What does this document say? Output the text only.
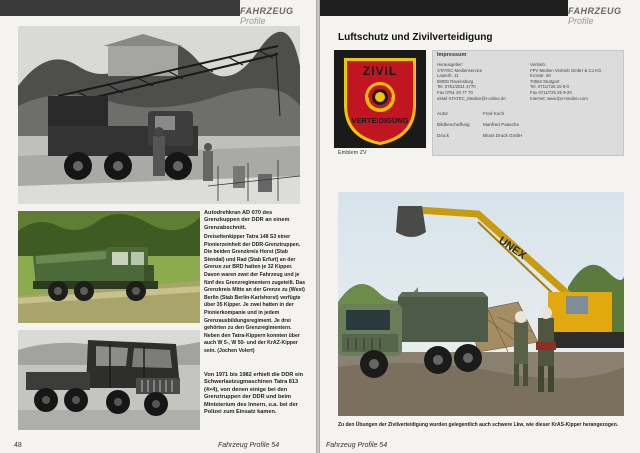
FAHRZEUG Profile
Autodrehkran AD 070 des Grenzkuppen der DDR an einem Grenzabschnitt.
Dreiseitenkipper Tatra 148 S3 einer Pionierzeinheit der DDR-Grenztruppen. Die beiden Grenzkreis Horst (Stab Stendal) und Rad (Stab Erfurt) an der Grenze zur BRD hatten je 32 Kipper. Davon waren zwei der Fahrzeug und je fünf des Grenzregimentern zugeteilt. Das Grenzkreis Mitte an der Grenze zu (West) Berlin (Stab Berlin-Karlshorst) verfügte über 35 Kipper. Je zwei hatten in der Pionierkompanie und in jedem Grenzausbildungsregiment. Je drei gehörten zu den Grenzregimentern. Neben den Tatra-Kippern konnten über auch W 5-, W 50- und der KrAZ-Kipper sein. (Jochen Volert)
Von 1971 bis 1982 erhielt die DDR ein Schwerlastzugmaschinen Tatra 813 (4×4), von denen einige bei den Grenztruppen der DDR und beim Ministerium des Innern, u.a. bei der Polizei zum Einsatz kamen.
48	Fahrzeug Profile 54
FAHRZEUG Profile
Luftschutz und Zivilverteidigung
ZIVIL
VERTEIDIGUNG
Emblem ZV
Impressum
Herausgeber:
STATEC Medienservice
Lauterb. 11
88000 Ravensburg
Tel. 0751/2011 4770
Fax 0751 20 77 70
eMail STATEC_Medien@t-online.de
Vertrieb:
FPV Medien Vertrieb GmbH & Co KG
Kronstr. 50
70563 Stuttgart
Tel. 0711/725 25 9-0
Fax 0711/725 25 9-20
Internet: www.fpv-medien.com
Autor	Fred Koch
Bildbeschaffung	Manfred Paasche
Druck	Bloos Druck GmbH
UNEX
Zu den Übungen der Zivilverteidigung wurden gelegentlich auch schwere Lkw, wie dieser KrAS-Kipper herangezogen.
Fahrzeug Profile 54
